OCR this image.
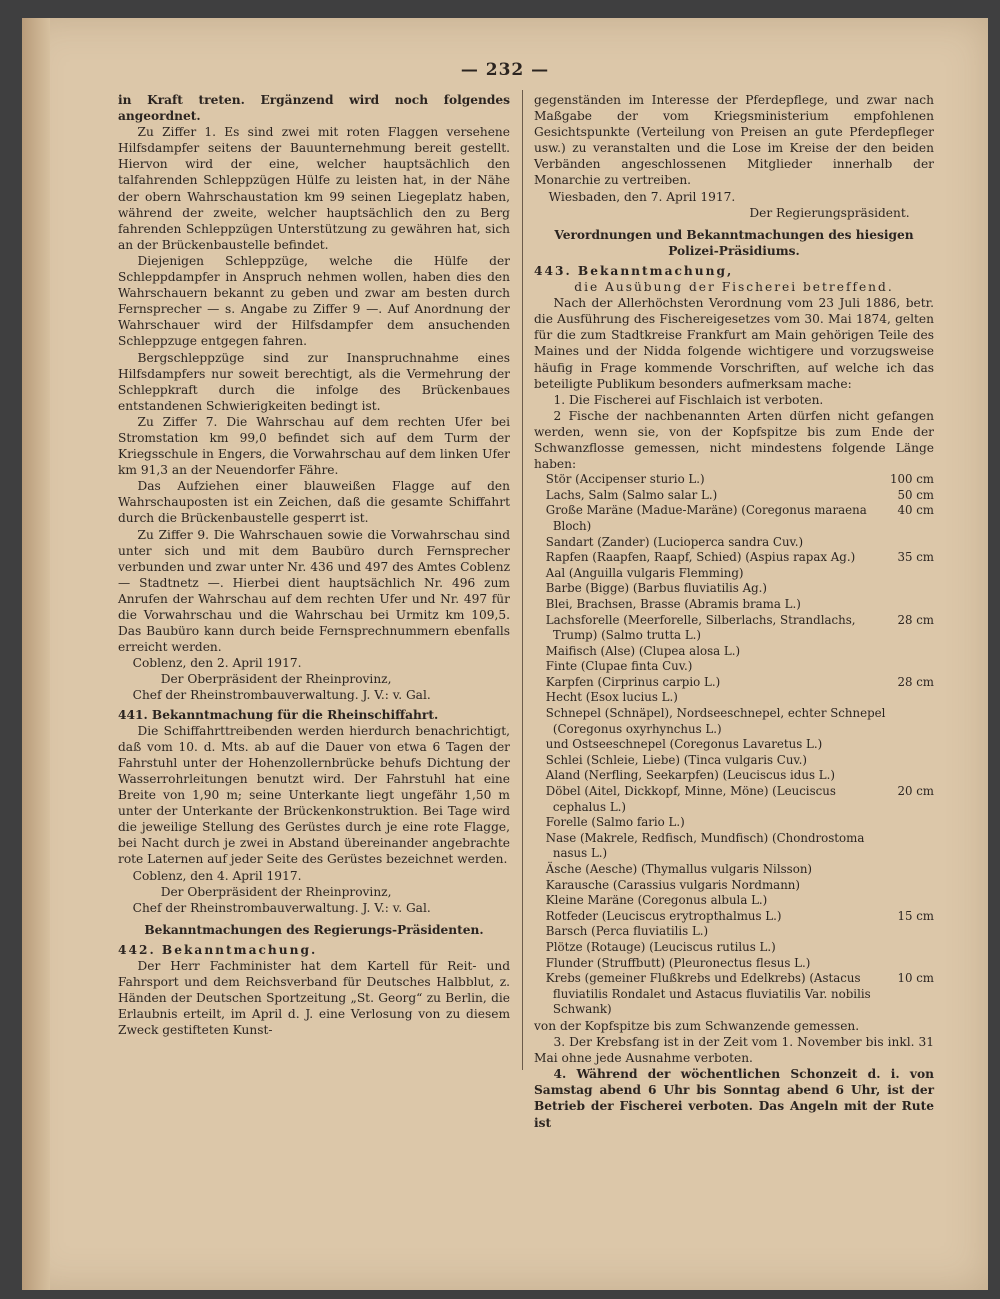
— 232 —

in Kraft treten. Ergänzend wird noch folgendes angeordnet.

Zu Ziffer 1. Es sind zwei mit roten Flaggen versehene Hilfsdampfer seitens der Bauunternehmung bereit gestellt. Hiervon wird der eine, welcher hauptsächlich den talfahrenden Schleppzügen Hülfe zu leisten hat, in der Nähe der obern Wahrschaustation km 99 seinen Liegeplatz haben, während der zweite, welcher hauptsächlich den zu Berg fahrenden Schleppzügen Unterstützung zu gewähren hat, sich an der Brückenbaustelle befindet.

Diejenigen Schleppzüge, welche die Hülfe der Schleppdampfer in Anspruch nehmen wollen, haben dies den Wahrschauern bekannt zu geben und zwar am besten durch Fernsprecher — s. Angabe zu Ziffer 9 —. Auf Anordnung der Wahrschauer wird der Hilfsdampfer dem ansuchenden Schleppzuge entgegen fahren.

Bergschleppzüge sind zur Inanspruchnahme eines Hilfsdampfers nur soweit berechtigt, als die Vermehrung der Schleppkraft durch die infolge des Brückenbaues entstandenen Schwierigkeiten bedingt ist.

Zu Ziffer 7. Die Wahrschau auf dem rechten Ufer bei Stromstation km 99,0 befindet sich auf dem Turm der Kriegsschule in Engers, die Vorwahrschau auf dem linken Ufer km 91,3 an der Neuendorfer Fähre.

Das Aufziehen einer blauweißen Flagge auf den Wahrschauposten ist ein Zeichen, daß die gesamte Schiffahrt durch die Brückenbaustelle gesperrt ist.

Zu Ziffer 9. Die Wahrschauen sowie die Vorwahrschau sind unter sich und mit dem Baubüro durch Fernsprecher verbunden und zwar unter Nr. 436 und 497 des Amtes Coblenz — Stadtnetz —. Hierbei dient hauptsächlich Nr. 496 zum Anrufen der Wahrschau auf dem rechten Ufer und Nr. 497 für die Vorwahrschau und die Wahrschau bei Urmitz km 109,5. Das Baubüro kann durch beide Fernsprechnummern ebenfalls erreicht werden.

Coblenz, den 2. April 1917.

Der Oberpräsident der Rheinprovinz,

Chef der Rheinstrombauverwaltung. J. V.: v. Gal.

441. Bekanntmachung für die Rheinschiffahrt.

Die Schiffahrttreibenden werden hierdurch benachrichtigt, daß vom 10. d. Mts. ab auf die Dauer von etwa 6 Tagen der Fahrstuhl unter der Hohenzollernbrücke behufs Dichtung der Wasserrohrleitungen benutzt wird. Der Fahrstuhl hat eine Breite von 1,90 m; seine Unterkante liegt ungefähr 1,50 m unter der Unterkante der Brückenkonstruktion. Bei Tage wird die jeweilige Stellung des Gerüstes durch je eine rote Flagge, bei Nacht durch je zwei in Abstand übereinander angebrachte rote Laternen auf jeder Seite des Gerüstes bezeichnet werden.

Coblenz, den 4. April 1917.

Der Oberpräsident der Rheinprovinz,

Chef der Rheinstrombauverwaltung. J. V.: v. Gal.

Bekanntmachungen des Regierungs-Präsidenten.

442. Bekanntmachung.

Der Herr Fachminister hat dem Kartell für Reit- und Fahrsport und dem Reichsverband für Deutsches Halbblut, z. Händen der Deutschen Sportzeitung „St. Georg“ zu Berlin, die Erlaubnis erteilt, im April d. J. eine Verlosung von zu diesem Zweck gestifteten Kunst-

gegenständen im Interesse der Pferdepflege, und zwar nach Maßgabe der vom Kriegsministerium empfohlenen Gesichtspunkte (Verteilung von Preisen an gute Pferdepfleger usw.) zu veranstalten und die Lose im Kreise der den beiden Verbänden angeschlossenen Mitglieder innerhalb der Monarchie zu vertreiben.

Wiesbaden, den 7. April 1917.

Der Regierungspräsident.

Verordnungen und Bekanntmachungen des hiesigen Polizei-Präsidiums.

443. Bekanntmachung,

die Ausübung der Fischerei betreffend.

Nach der Allerhöchsten Verordnung vom 23 Juli 1886, betr. die Ausführung des Fischereigesetzes vom 30. Mai 1874, gelten für die zum Stadtkreise Frankfurt am Main gehörigen Teile des Maines und der Nidda folgende wichtigere und vorzugsweise häufig in Frage kommende Vorschriften, auf welche ich das beteiligte Publikum besonders aufmerksam mache:

1. Die Fischerei auf Fischlaich ist verboten.

2 Fische der nachbenannten Arten dürfen nicht gefangen werden, wenn sie, von der Kopfspitze bis zum Ende der Schwanzflosse gemessen, nicht mindestens folgende Länge haben:

Stör (Accipenser sturio L.)	100 cm
Lachs, Salm (Salmo salar L.)	50 cm
Große Maräne (Madue-Maräne) (Coregonus maraena Bloch)	40 cm
Sandart (Zander) (Lucioperca sandra Cuv.)	
Rapfen (Raapfen, Raapf, Schied) (Aspius rapax Ag.)	35 cm
Aal (Anguilla vulgaris Flemming)	
Barbe (Bigge) (Barbus fluviatilis Ag.)	
Blei, Brachsen, Brasse (Abramis brama L.)	
Lachsforelle (Meerforelle, Silberlachs, Strandlachs, Trump) (Salmo trutta L.)	28 cm
Maifisch (Alse) (Clupea alosa L.)	
Finte (Clupae finta Cuv.)	
Karpfen (Cirprinus carpio L.)	28 cm
Hecht (Esox lucius L.)	
Schnepel (Schnäpel), Nordseeschnepel, echter Schnepel (Coregonus oxyrhynchus L.)	
und Ostseeschnepel (Coregonus Lavaretus L.)	
Schlei (Schleie, Liebe) (Tinca vulgaris Cuv.)	
Aland (Nerfling, Seekarpfen) (Leuciscus idus L.)	
Döbel (Aitel, Dickkopf, Minne, Möne) (Leuciscus cephalus L.)	20 cm
Forelle (Salmo fario L.)	
Nase (Makrele, Redfisch, Mundfisch) (Chondrostoma nasus L.)	
Äsche (Aesche) (Thymallus vulgaris Nilsson)	
Karausche (Carassius vulgaris Nordmann)	
Kleine Maräne (Coregonus albula L.)	
Rotfeder (Leuciscus erytropthalmus L.)	15 cm
Barsch (Perca fluviatilis L.)	
Plötze (Rotauge) (Leuciscus rutilus L.)	
Flunder (Struffbutt) (Pleuronectus flesus L.)	
Krebs (gemeiner Flußkrebs und Edelkrebs) (Astacus fluviatilis Rondalet und Astacus fluviatilis Var. nobilis Schwank)	10 cm

von der Kopfspitze bis zum Schwanzende gemessen.

3. Der Krebsfang ist in der Zeit vom 1. November bis inkl. 31 Mai ohne jede Ausnahme verboten.

4. Während der wöchentlichen Schonzeit d. i. von Samstag abend 6 Uhr bis Sonntag abend 6 Uhr, ist der Betrieb der Fischerei verboten. Das Angeln mit der Rute ist
